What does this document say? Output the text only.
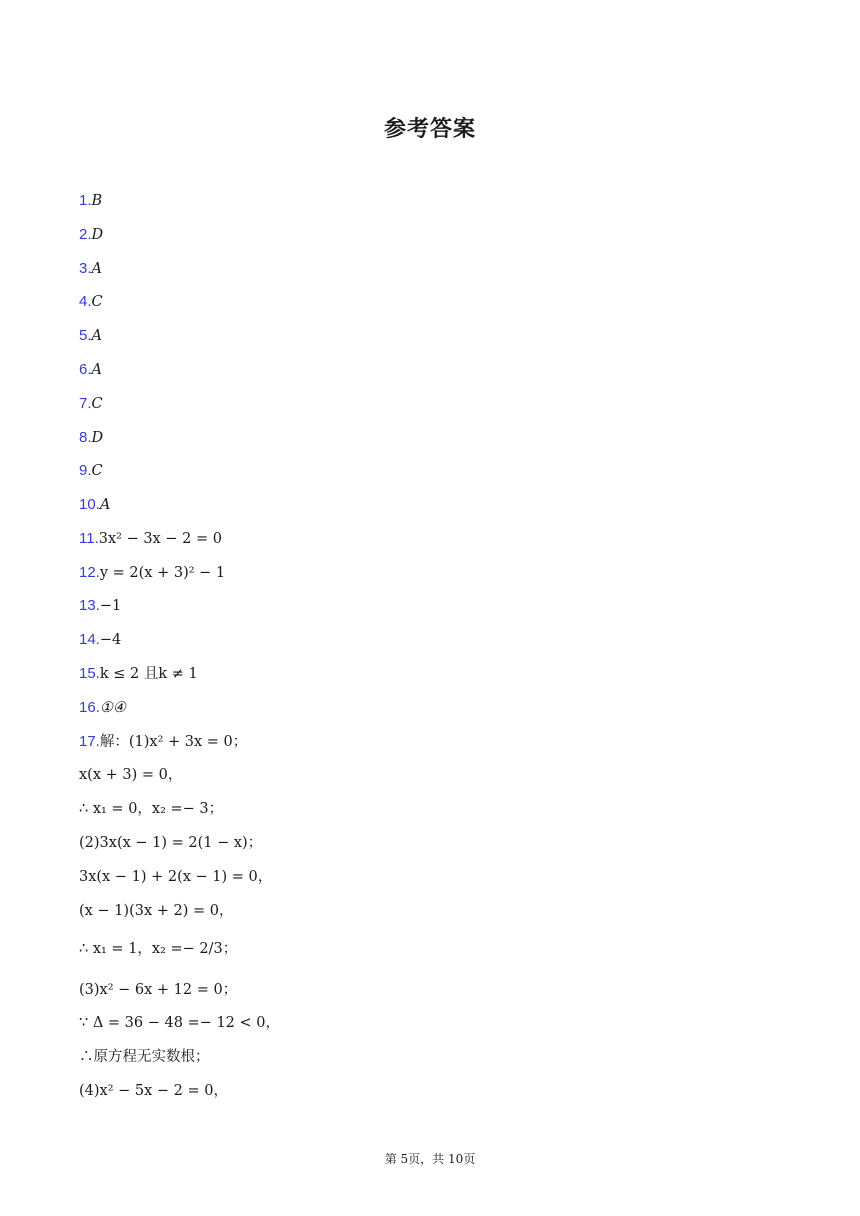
参考答案
1.B
2.D
3.A
4.C
5.A
6.A
7.C
8.D
9.C
10.A
11.3x² − 3x − 2 = 0
12.y = 2(x + 3)² − 1
13.−1
14.−4
15.k ≤ 2 且k ≠ 1
16.①④
17.解：(1)x² + 3x = 0；
x(x + 3) = 0，
∴ x₁ = 0，x₂ =− 3；
(2)3x(x − 1) = 2(1 − x)；
3x(x − 1) + 2(x − 1) = 0，
(x − 1)(3x + 2) = 0，
∴ x₁ = 1，x₂ =− 2/3；
(3)x² − 6x + 12 = 0；
∵ Δ = 36 − 48 =− 12 < 0，
∴原方程无实数根；
(4)x² − 5x − 2 = 0，
第 5页，共 10页
